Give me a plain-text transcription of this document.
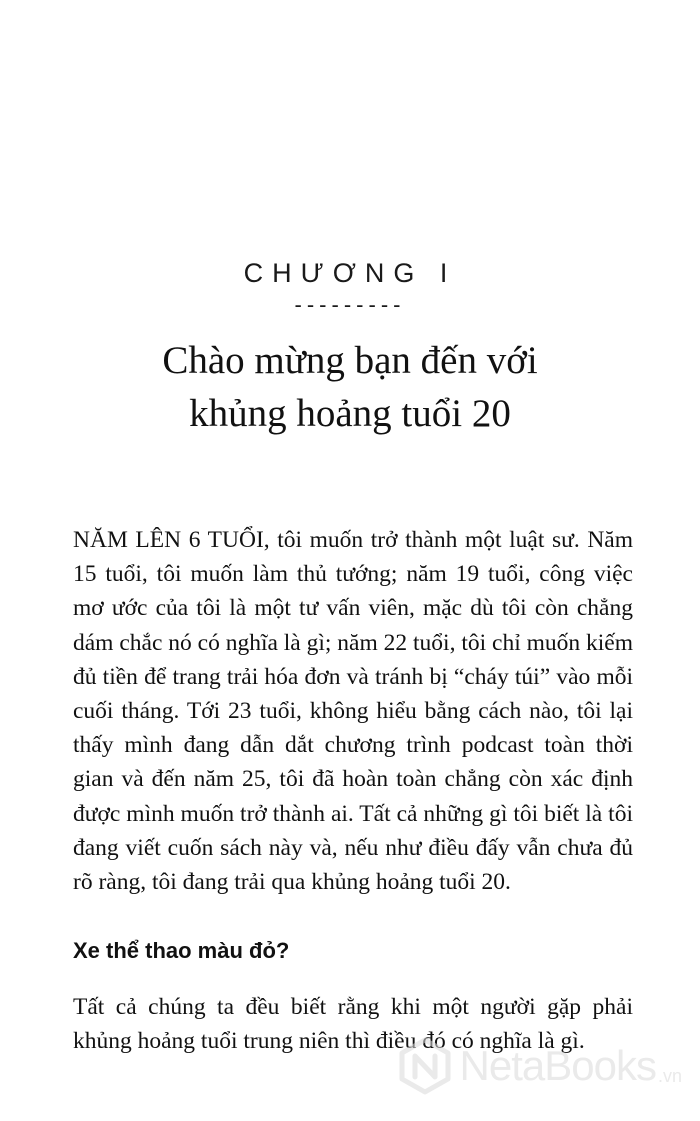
CHƯƠNG I
---------
Chào mừng bạn đến với
khủng hoảng tuổi 20
NĂM LÊN 6 TUỔI, tôi muốn trở thành một luật sư. Năm 15 tuổi, tôi muốn làm thủ tướng; năm 19 tuổi, công việc mơ ước của tôi là một tư vấn viên, mặc dù tôi còn chẳng dám chắc nó có nghĩa là gì; năm 22 tuổi, tôi chỉ muốn kiếm đủ tiền để trang trải hóa đơn và tránh bị “cháy túi” vào mỗi cuối tháng. Tới 23 tuổi, không hiểu bằng cách nào, tôi lại thấy mình đang dẫn dắt chương trình podcast toàn thời gian và đến năm 25, tôi đã hoàn toàn chẳng còn xác định được mình muốn trở thành ai. Tất cả những gì tôi biết là tôi đang viết cuốn sách này và, nếu như điều đấy vẫn chưa đủ rõ ràng, tôi đang trải qua khủng hoảng tuổi 20.
Xe thể thao màu đỏ?
Tất cả chúng ta đều biết rằng khi một người gặp phải khủng hoảng tuổi trung niên thì điều đó có nghĩa là gì.
NetaBooks .vn
